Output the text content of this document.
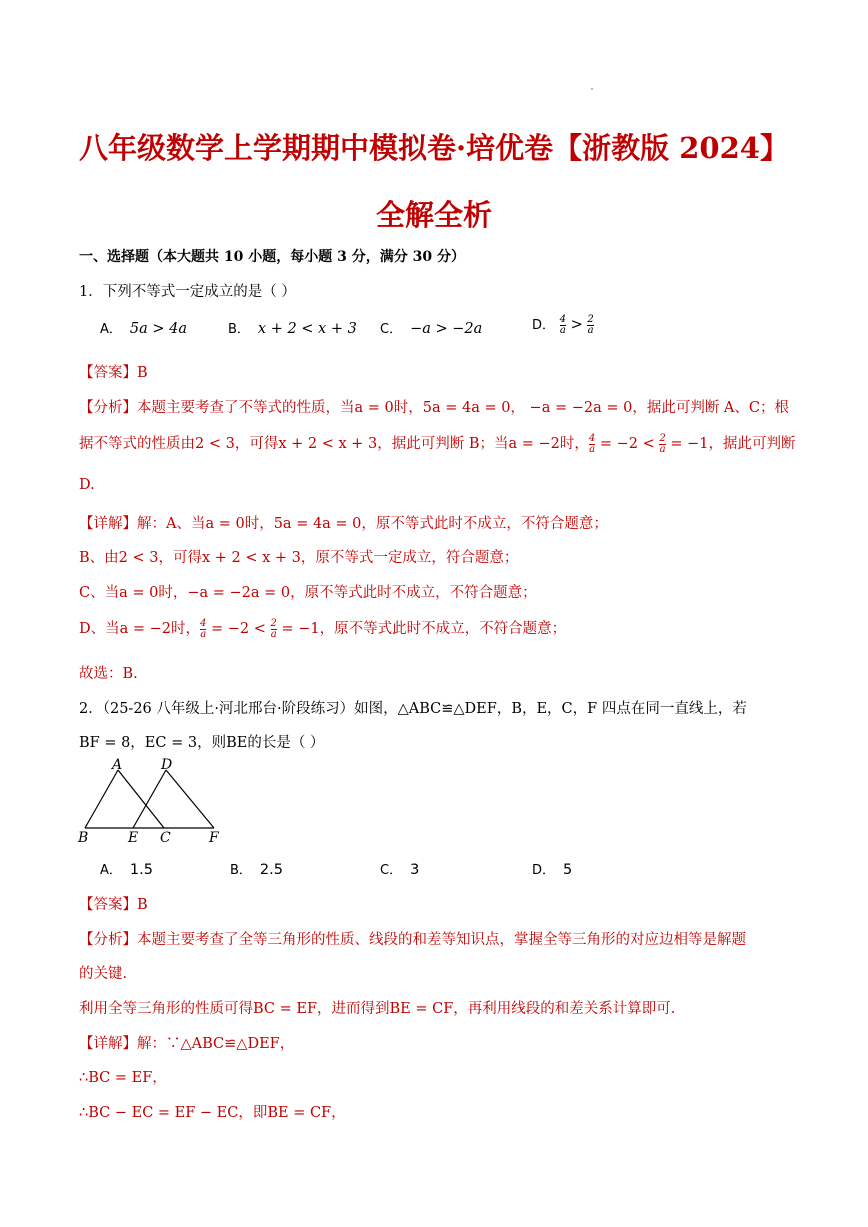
八年级数学上学期期中模拟卷·培优卷【浙教版 2024】
全解全析
一、选择题（本大题共 10 小题，每小题 3 分，满分 30 分）
1．下列不等式一定成立的是（ ）
A． 5a > 4a	B． x + 2 < x + 3 C． −a > −2a	D． $\frac{4}{a} > \frac{2}{a}$
【答案】B
【分析】本题主要考查了不等式的性质，当a = 0时，5a = 4a = 0， −a = −2a = 0，据此可判断 A、C；根
据不等式的性质由2 < 3，可得x + 2 < x + 3，据此可判断 B；当a = −2时， $\frac{4}{a} = -2 < \frac{2}{a} = -1$，据此可判断
D.
【详解】解：A、当a = 0时，5a = 4a = 0，原不等式此时不成立，不符合题意；
B、由2 < 3，可得x + 2 < x + 3，原不等式一定成立，符合题意；
C、当a = 0时，−a = −2a = 0，原不等式此时不成立，不符合题意；
D、当a = −2时， $\frac{4}{a} = -2 < \frac{2}{a} = -1$，原不等式此时不成立，不符合题意；
故选：B.
2．（25-26 八年级上·河北邢台·阶段练习）如图，△ABC≌△DEF，B，E，C，F 四点在同一直线上，若
BF = 8，EC = 3，则BE的长是（ ）
A	D
B	E C	F
A． 1.5	B． 2.5	C． 3	D． 5
【答案】B
【分析】本题主要考查了全等三角形的性质、线段的和差等知识点，掌握全等三角形的对应边相等是解题
的关键.
利用全等三角形的性质可得BC = EF，进而得到BE = CF，再利用线段的和差关系计算即可.
【详解】解：∵△ABC≌△DEF，
∴BC = EF，
∴BC − EC = EF − EC，即BE = CF，
